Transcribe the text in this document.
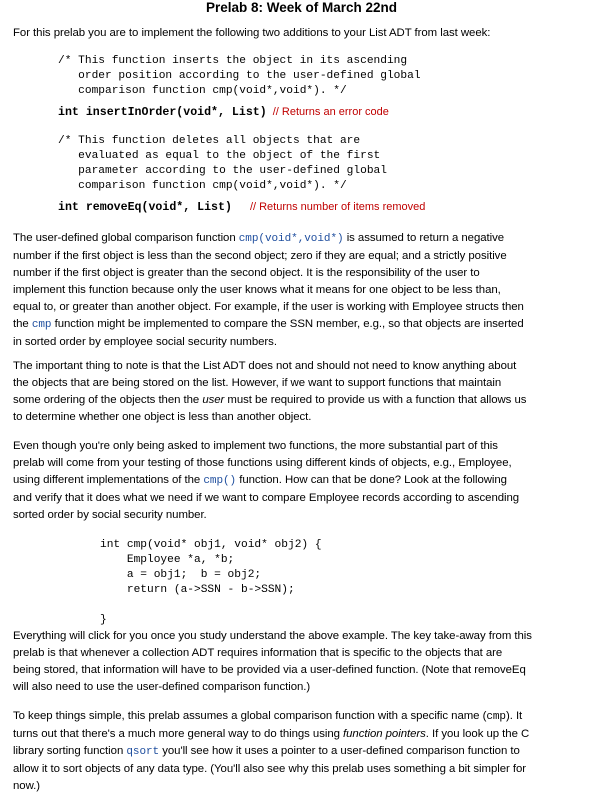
Prelab 8: Week of March 22nd
For this prelab you are to implement the following two additions to your List ADT from last week:
/* This function inserts the object in its ascending
order position according to the user-defined global
comparison function cmp(void*,void*). */
int insertInOrder(void*, List) // Returns an error code
/* This function deletes all objects that are
evaluated as equal to the object of the first
parameter according to the user-defined global
comparison function cmp(void*,void*). */
int removeEq(void*, List) // Returns number of items removed
The user-defined global comparison function cmp(void*,void*) is assumed to return a negative
number if the first object is less than the second object; zero if they are equal; and a strictly positive
number if the first object is greater than the second object. It is the responsibility of the user to
implement this function because only the user knows what it means for one object to be less than,
equal to, or greater than another object. For example, if the user is working with Employee structs then
the cmp function might be implemented to compare the SSN member, e.g., so that objects are inserted
in sorted order by employee social security numbers.
The important thing to note is that the List ADT does not and should not need to know anything about
the objects that are being stored on the list. However, if we want to support functions that maintain
some ordering of the objects then the user must be required to provide us with a function that allows us
to determine whether one object is less than another object.
Even though you're only being asked to implement two functions, the more substantial part of this
prelab will come from your testing of those functions using different kinds of objects, e.g., Employee,
using different implementations of the cmp() function. How can that be done? Look at the following
and verify that it does what we need if we want to compare Employee records according to ascending
sorted order by social security number.
int cmp(void* obj1, void* obj2) {
Employee *a, *b;
a = obj1;  b = obj2;
return (a->SSN - b->SSN);

}
Everything will click for you once you study understand the above example. The key take-away from this
prelab is that whenever a collection ADT requires information that is specific to the objects that are
being stored, that information will have to be provided via a user-defined function. (Note that removeEq
will also need to use the user-defined comparison function.)
To keep things simple, this prelab assumes a global comparison function with a specific name (cmp). It
turns out that there's a much more general way to do things using function pointers. If you look up the C
library sorting function qsort you'll see how it uses a pointer to a user-defined comparison function to
allow it to sort objects of any data type. (You'll also see why this prelab uses something a bit simpler for
now.)
